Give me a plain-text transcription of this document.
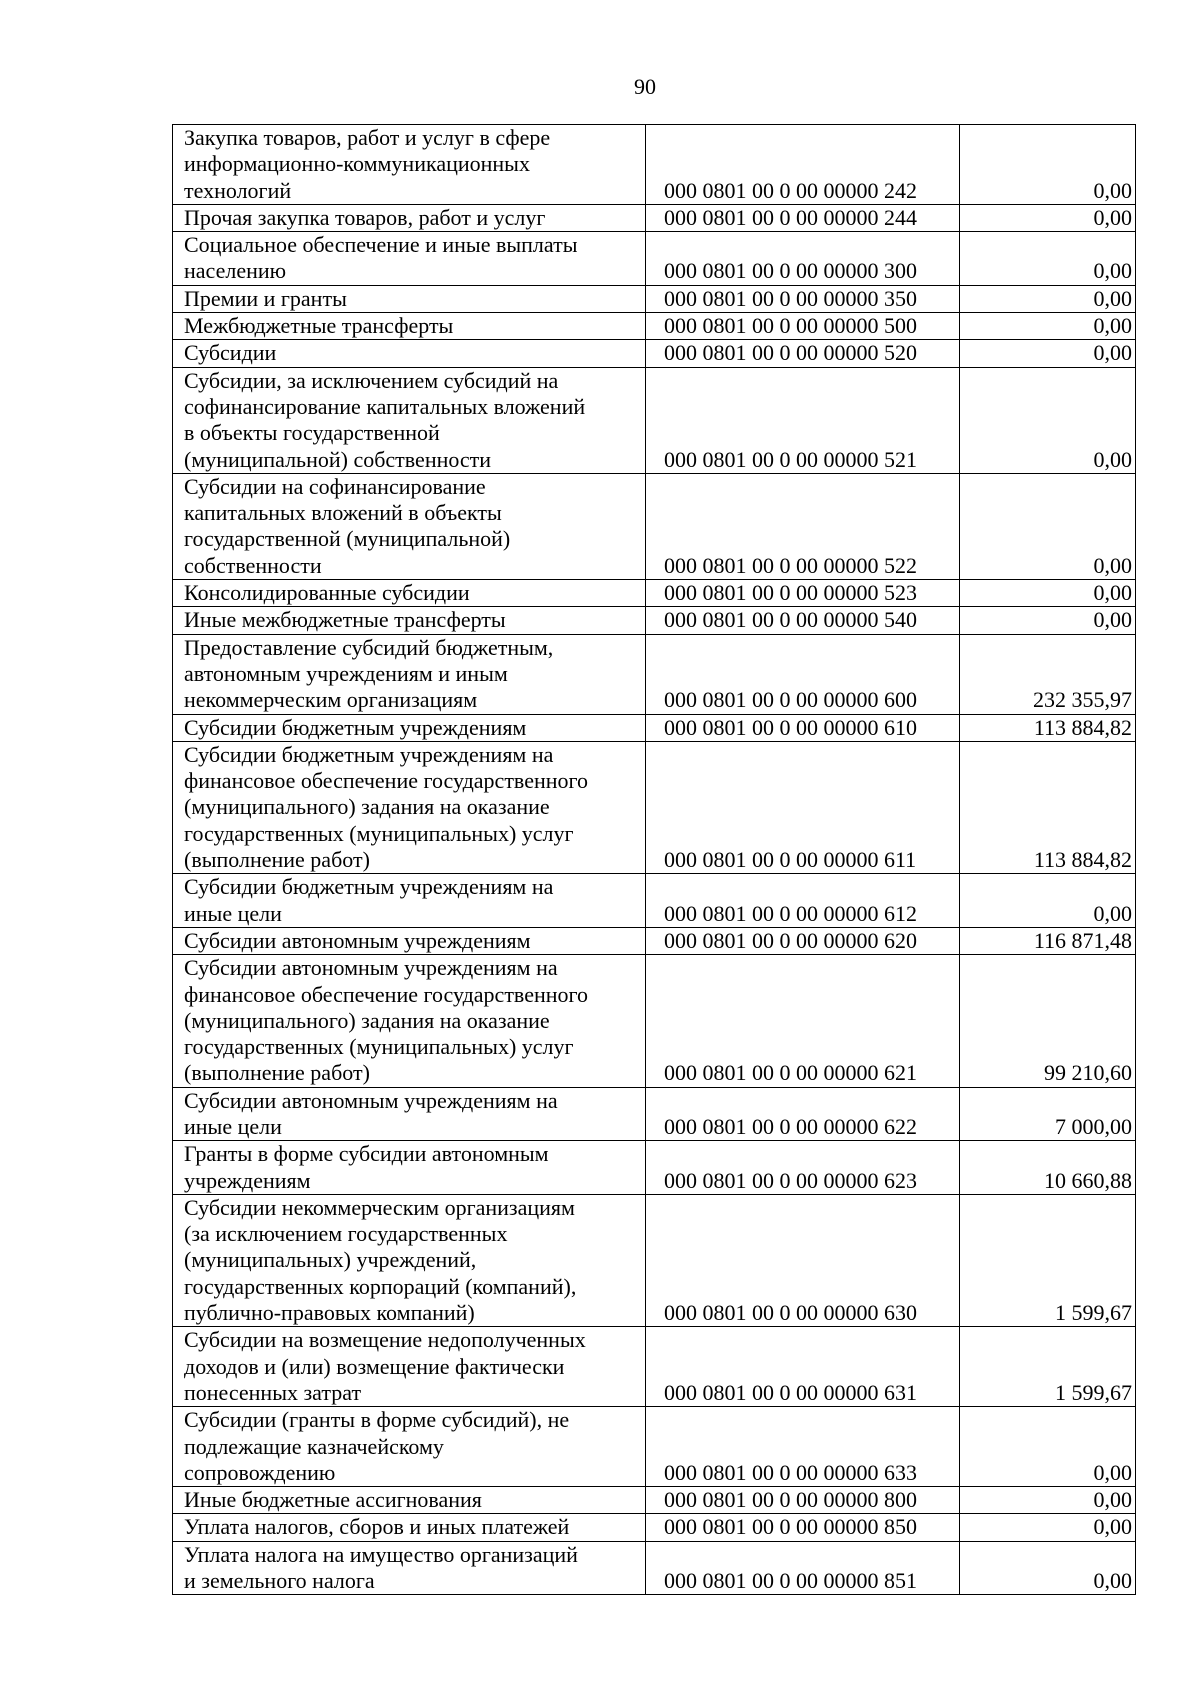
90
Закупка товаров, работ и услуг в сфере
информационно-коммуникационных
технологий	000 0801 00 0 00 00000 242	0,00
Прочая закупка товаров, работ и услуг	000 0801 00 0 00 00000 244	0,00
Социальное обеспечение и иные выплаты
населению	000 0801 00 0 00 00000 300	0,00
Премии и гранты	000 0801 00 0 00 00000 350	0,00
Межбюджетные трансферты	000 0801 00 0 00 00000 500	0,00
Субсидии	000 0801 00 0 00 00000 520	0,00
Субсидии, за исключением субсидий на
софинансирование капитальных вложений
в объекты государственной
(муниципальной) собственности	000 0801 00 0 00 00000 521	0,00
Субсидии на софинансирование
капитальных вложений в объекты
государственной (муниципальной)
собственности	000 0801 00 0 00 00000 522	0,00
Консолидированные субсидии	000 0801 00 0 00 00000 523	0,00
Иные межбюджетные трансферты	000 0801 00 0 00 00000 540	0,00
Предоставление субсидий бюджетным,
автономным учреждениям и иным
некоммерческим организациям	000 0801 00 0 00 00000 600	232 355,97
Субсидии бюджетным учреждениям	000 0801 00 0 00 00000 610	113 884,82
Субсидии бюджетным учреждениям на
финансовое обеспечение государственного
(муниципального) задания на оказание
государственных (муниципальных) услуг
(выполнение работ)	000 0801 00 0 00 00000 611	113 884,82
Субсидии бюджетным учреждениям на
иные цели	000 0801 00 0 00 00000 612	0,00
Субсидии автономным учреждениям	000 0801 00 0 00 00000 620	116 871,48
Субсидии автономным учреждениям на
финансовое обеспечение государственного
(муниципального) задания на оказание
государственных (муниципальных) услуг
(выполнение работ)	000 0801 00 0 00 00000 621	99 210,60
Субсидии автономным учреждениям на
иные цели	000 0801 00 0 00 00000 622	7 000,00
Гранты в форме субсидии автономным
учреждениям	000 0801 00 0 00 00000 623	10 660,88
Субсидии некоммерческим организациям
(за исключением государственных
(муниципальных) учреждений,
государственных корпораций (компаний),
публично-правовых компаний)	000 0801 00 0 00 00000 630	1 599,67
Субсидии на возмещение недополученных
доходов и (или) возмещение фактически
понесенных затрат	000 0801 00 0 00 00000 631	1 599,67
Субсидии (гранты в форме субсидий), не
подлежащие казначейскому
сопровождению	000 0801 00 0 00 00000 633	0,00
Иные бюджетные ассигнования	000 0801 00 0 00 00000 800	0,00
Уплата налогов, сборов и иных платежей	000 0801 00 0 00 00000 850	0,00
Уплата налога на имущество организаций
и земельного налога	000 0801 00 0 00 00000 851	0,00
